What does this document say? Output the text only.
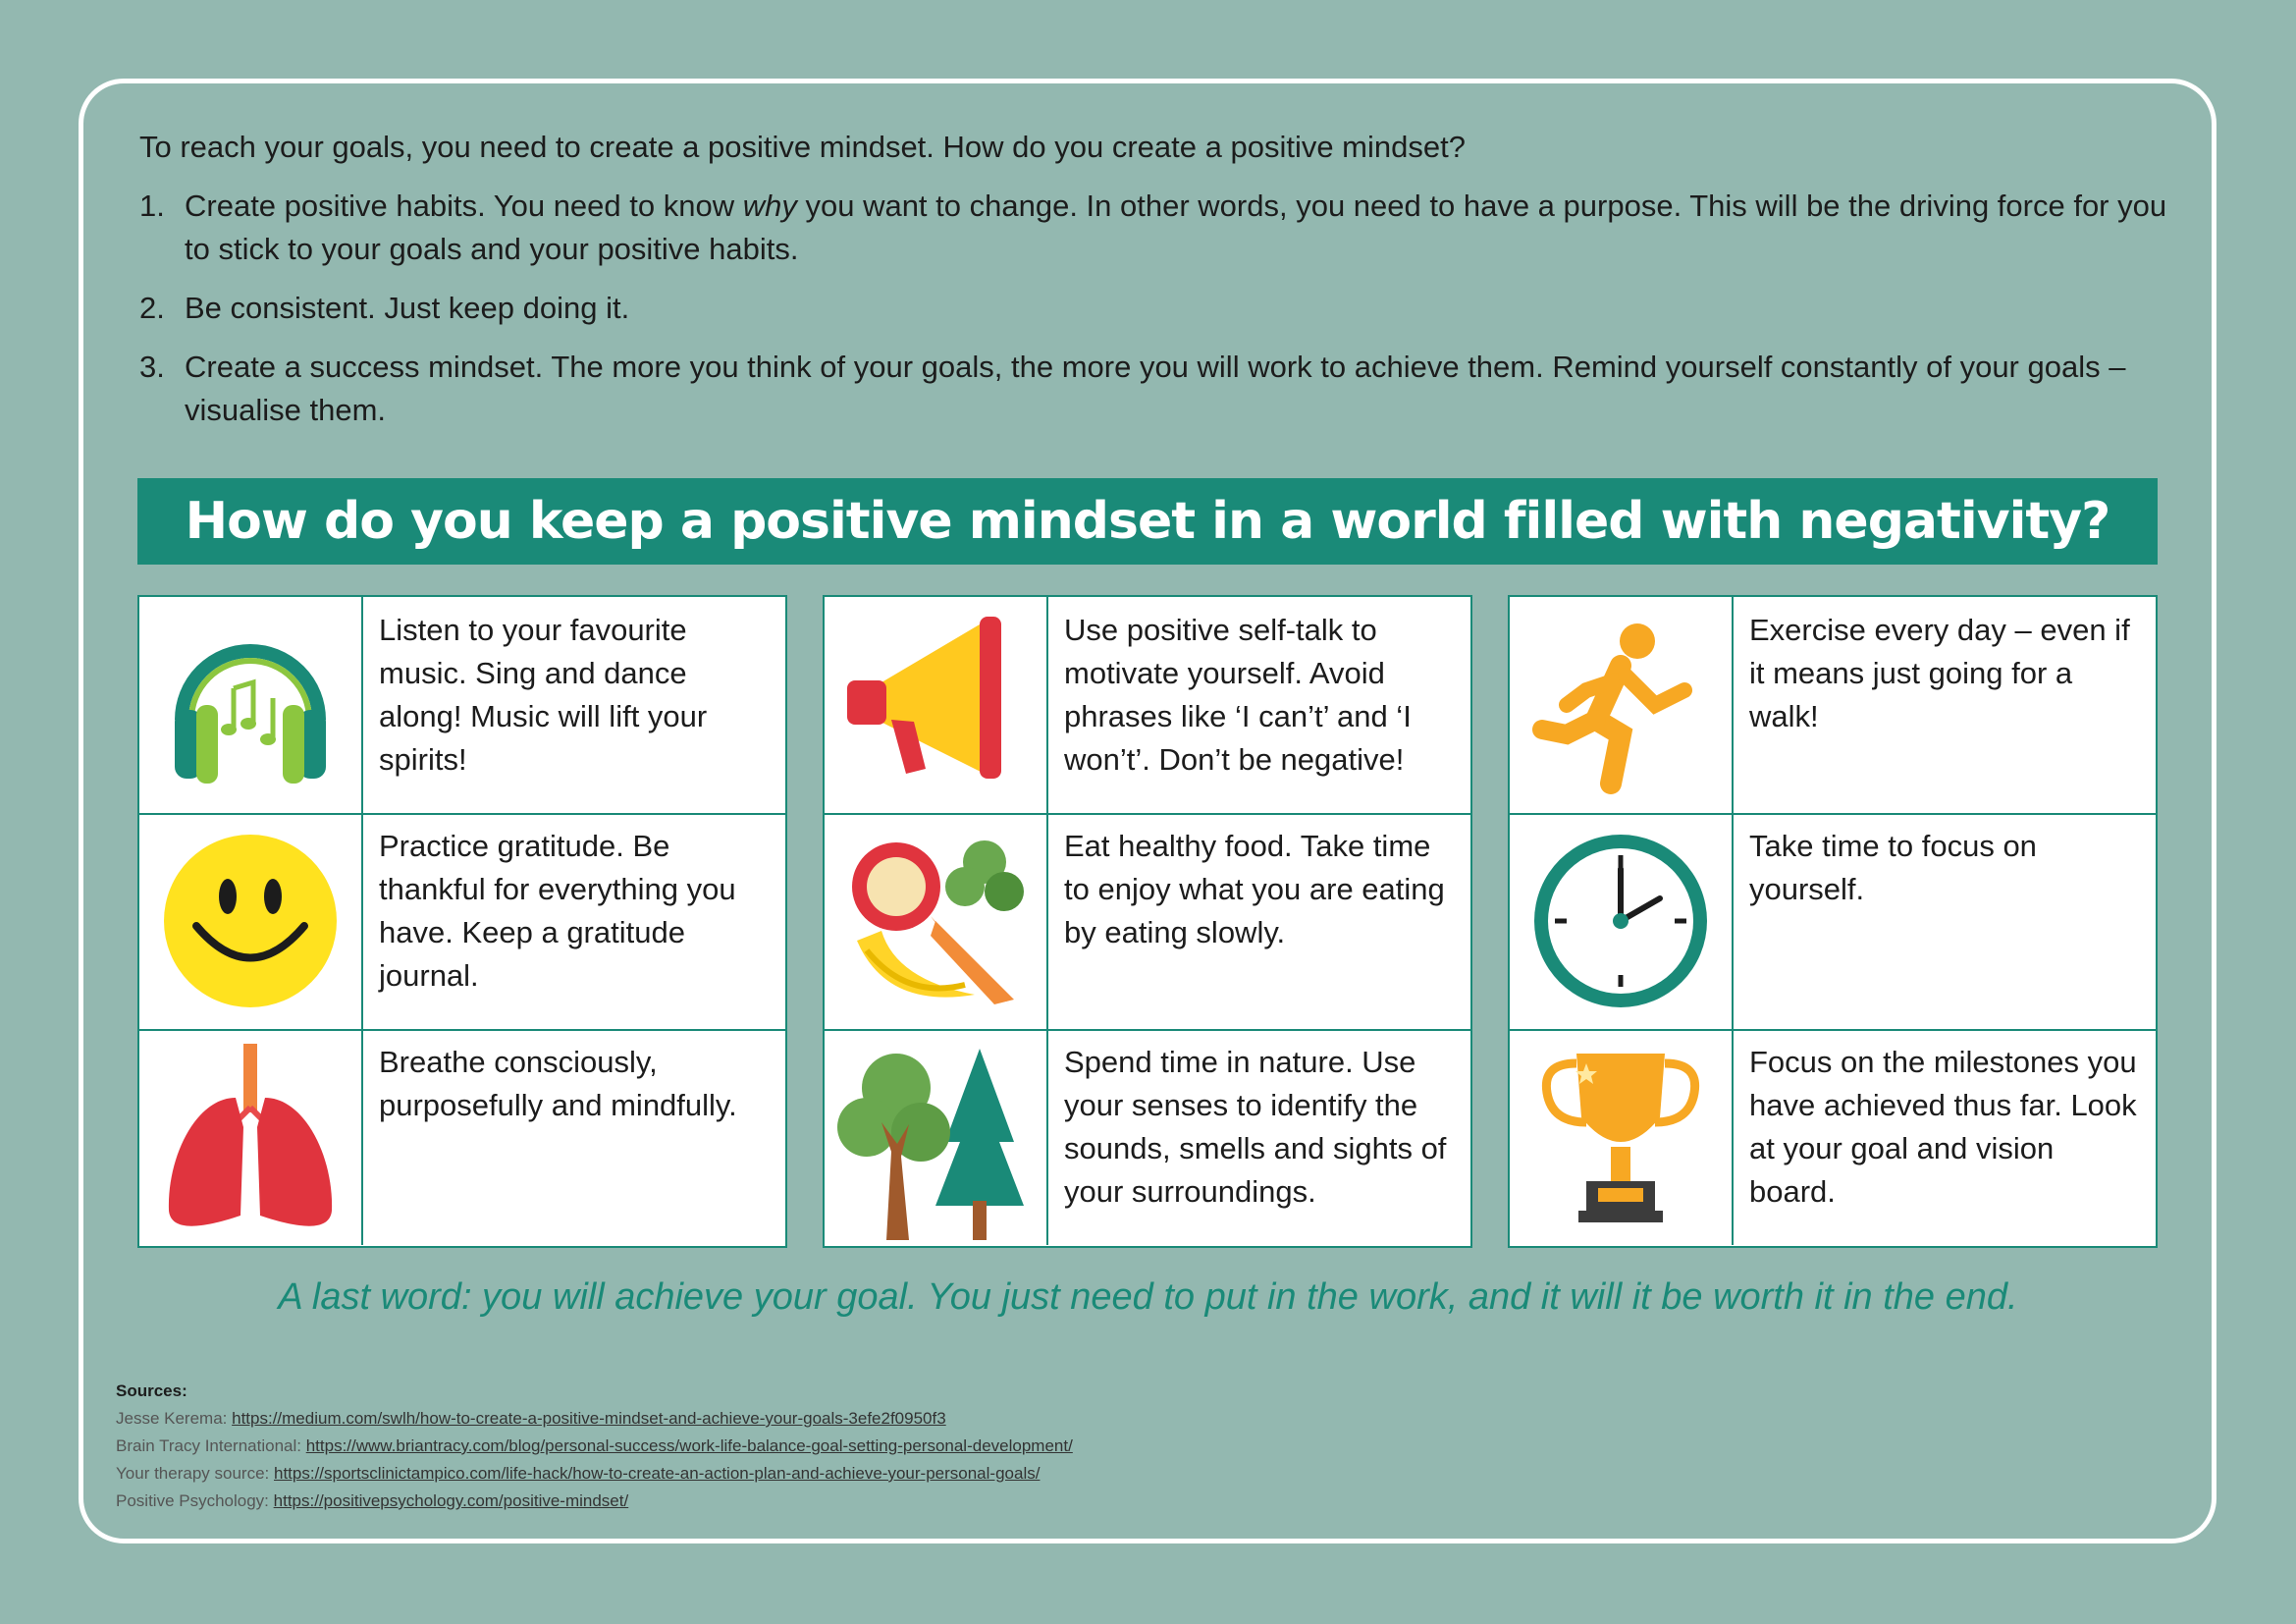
To reach your goals, you need to create a positive mindset. How do you create a positive mindset?

1. Create positive habits. You need to know why you want to change. In other words, you need to have a purpose. This will be the driving force for you to stick to your goals and your positive habits.
2. Be consistent. Just keep doing it.
3. Create a success mindset. The more you think of your goals, the more you will work to achieve them. Remind yourself constantly of your goals – visualise them.
How do you keep a positive mindset in a world filled with negativity?
Listen to your favourite music. Sing and dance along! Music will lift your spirits!
Practice gratitude. Be thankful for everything you have. Keep a gratitude journal.
Breathe consciously, purposefully and mindfully.
Use positive self-talk to motivate yourself. Avoid phrases like ‘I can’t’ and ‘I won’t’. Don’t be negative!
Eat healthy food. Take time to enjoy what you are eating by eating slowly.
Spend time in nature. Use your senses to identify the sounds, smells and sights of your surroundings.
Exercise every day – even if it means just going for a walk!
Take time to focus on yourself.
Focus on the milestones you have achieved thus far. Look at your goal and vision board.
A last word: you will achieve your goal. You just need to put in the work, and it will it be worth it in the end.
Sources:
Jesse Kerema: https://medium.com/swlh/how-to-create-a-positive-mindset-and-achieve-your-goals-3efe2f0950f3
Brain Tracy International: https://www.briantracy.com/blog/personal-success/work-life-balance-goal-setting-personal-development/
Your therapy source: https://sportsclinictampico.com/life-hack/how-to-create-an-action-plan-and-achieve-your-personal-goals/
Positive Psychology: https://positivepsychology.com/positive-mindset/
